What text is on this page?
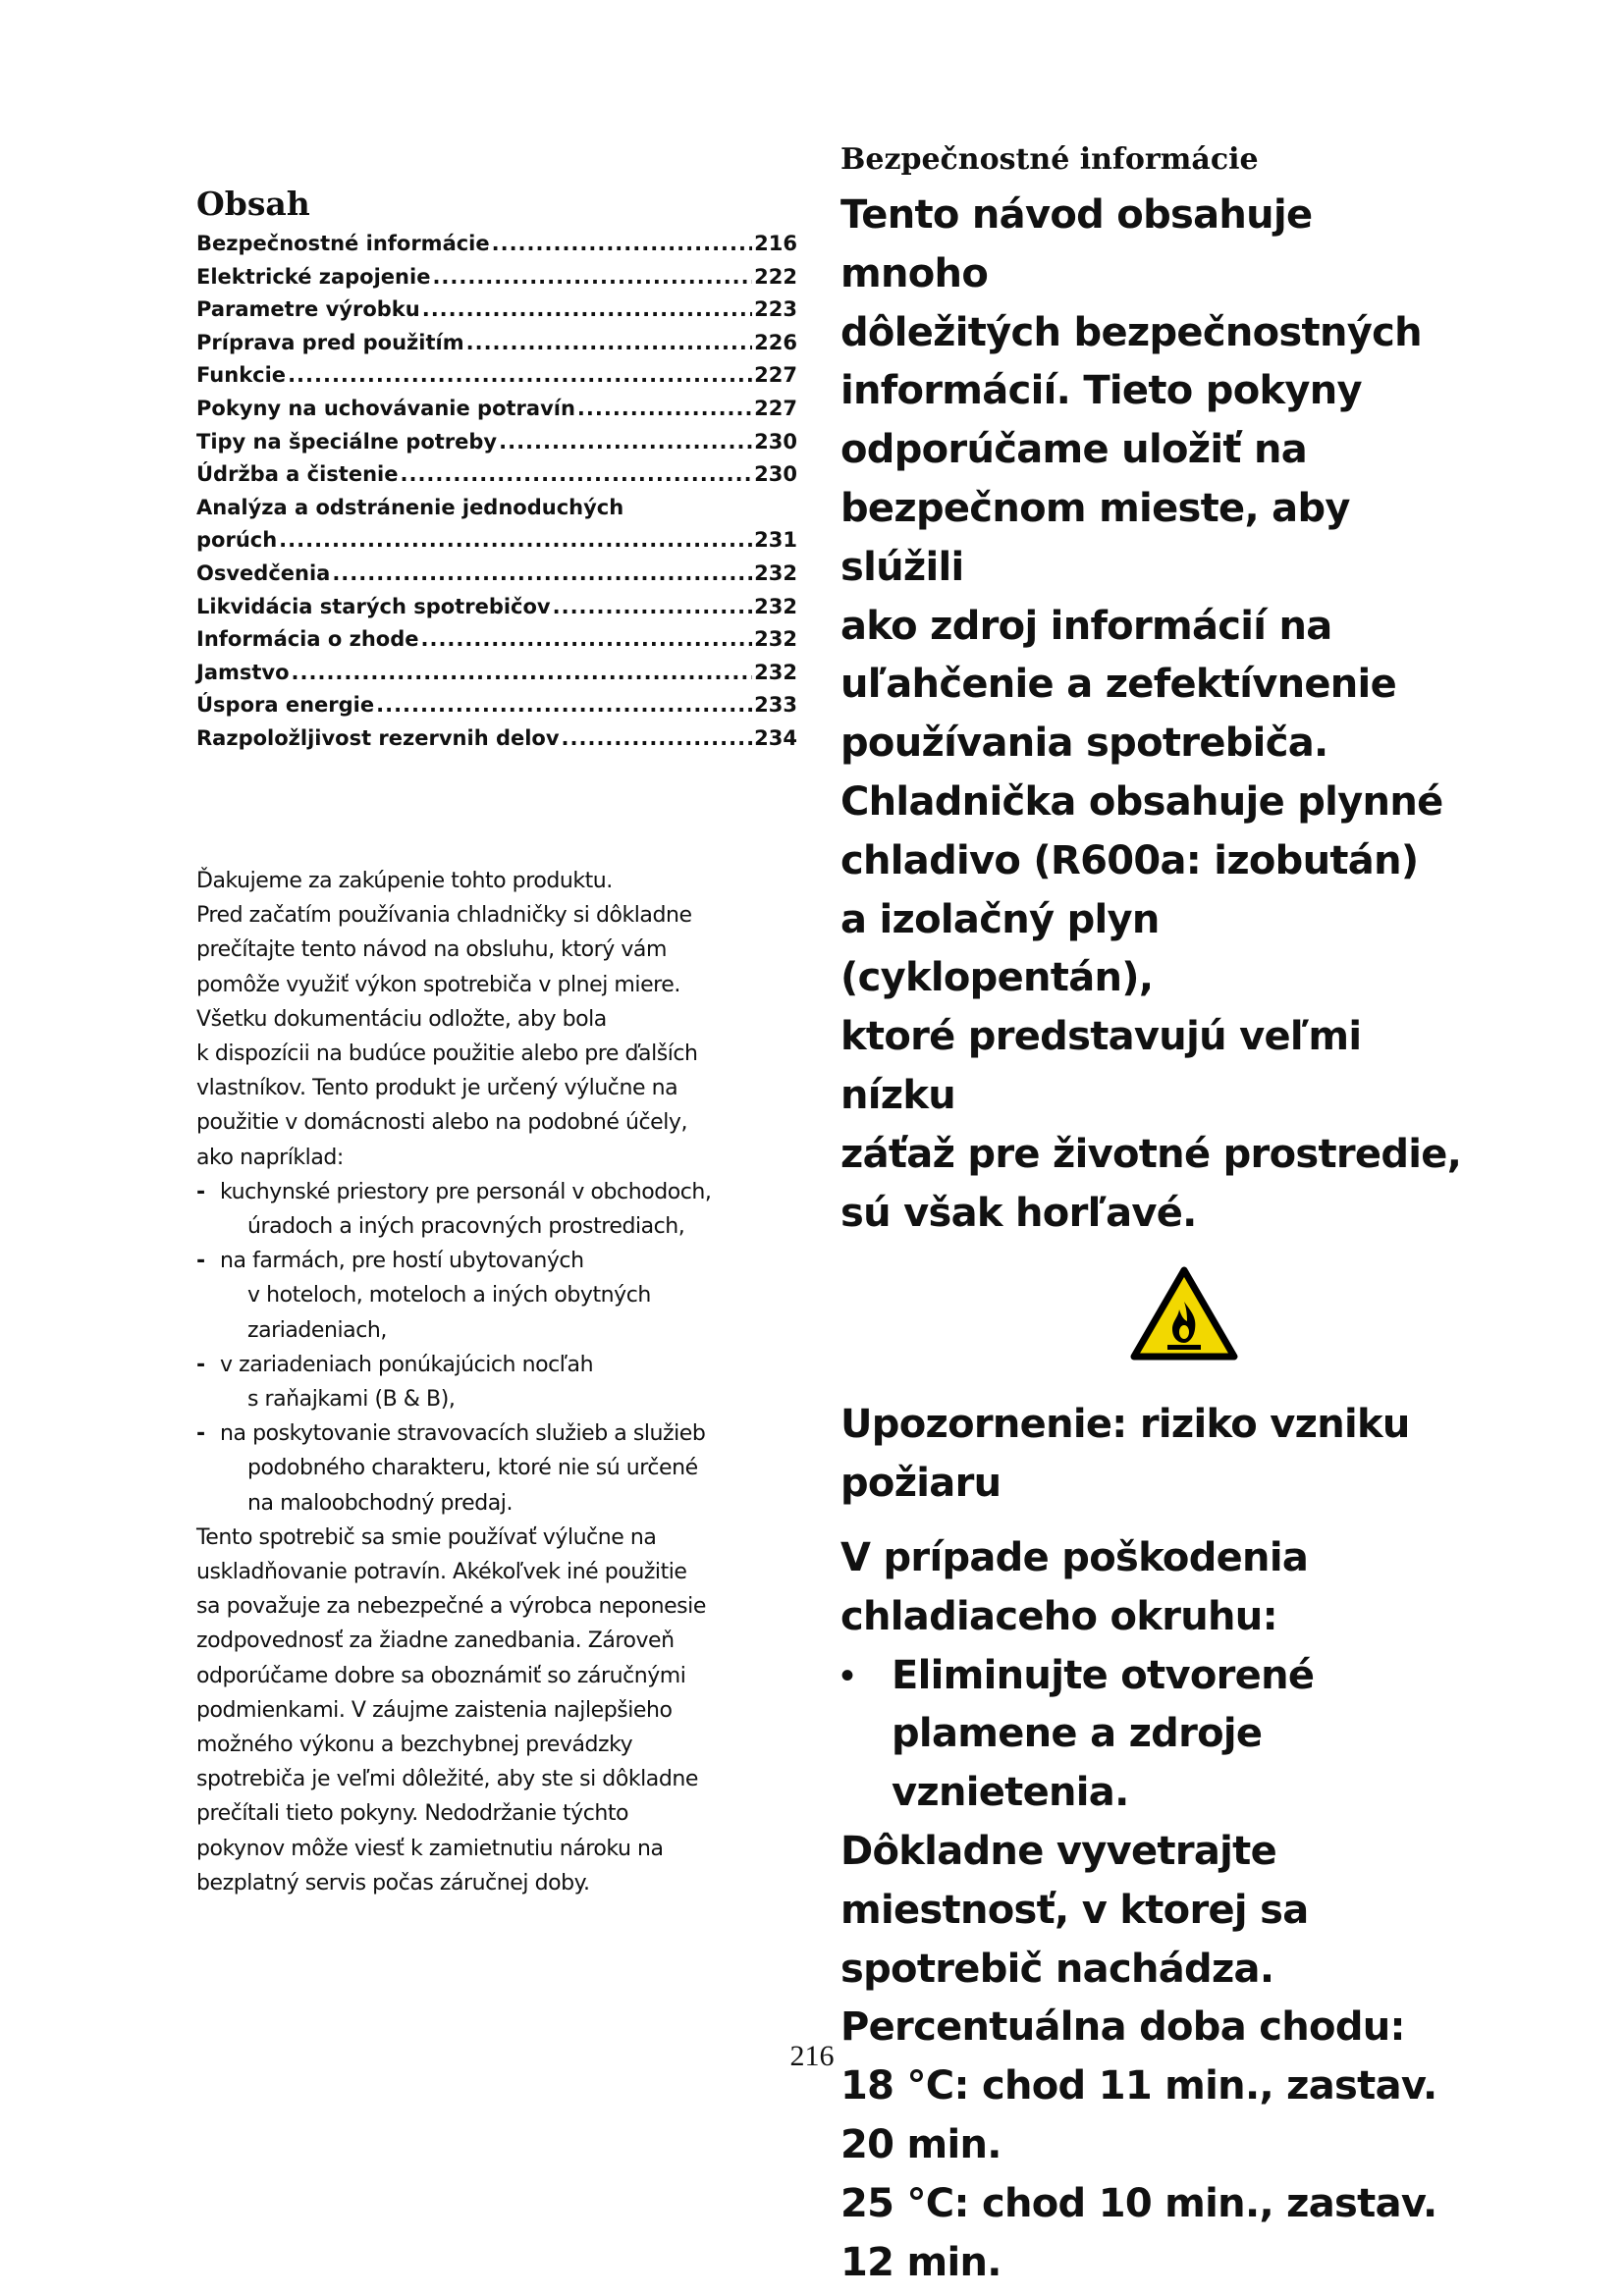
Obsah
Bezpečnostné informácie .....	216
Elektrické zapojenie .....	222
Parametre výrobku .....	223
Príprava pred použitím .....	226
Funkcie .....	227
Pokyny na uchovávanie potravín .....	227
Tipy na špeciálne potreby .....	230
Údržba a čistenie .....	230
Analýza a odstránenie jednoduchých
porúch .....	231
Osvedčenia .....	232
Likvidácia starých spotrebičov .....	232
Informácia o zhode .....	232
Jamstvo .....	232
Úspora energie .....	233
Razpoložljivost rezervnih delov .....	234

Ďakujeme za zakúpenie tohto produktu.
Pred začatím používania chladničky si dôkladne
prečítajte tento návod na obsluhu, ktorý vám
pomôže využiť výkon spotrebiča v plnej miere.
Všetku dokumentáciu odložte, aby bola
k dispozícii na budúce použitie alebo pre ďalších
vlastníkov. Tento produkt je určený výlučne na
použitie v domácnosti alebo na podobné účely,
ako napríklad:

- kuchynské priestory pre personál v obchodoch,
úradoch a iných pracovných prostrediach,
- na farmách, pre hostí ubytovaných
v hoteloch, moteloch a iných obytných
zariadeniach,
- v zariadeniach ponúkajúcich nocľah
s raňajkami (B & B),
- na poskytovanie stravovacích služieb a služieb
podobného charakteru, ktoré nie sú určené
na maloobchodný predaj.

Tento spotrebič sa smie používať výlučne na
uskladňovanie potravín. Akékoľvek iné použitie
sa považuje za nebezpečné a výrobca neponesie
zodpovednosť za žiadne zanedbania. Zároveň
odporúčame dobre sa oboznámiť so záručnými
podmienkami. V záujme zaistenia najlepšieho
možného výkonu a bezchybnej prevádzky
spotrebiča je veľmi dôležité, aby ste si dôkladne
prečítali tieto pokyny. Nedodržanie týchto
pokynov môže viesť k zamietnutiu nároku na
bezplatný servis počas záručnej doby.

Bezpečnostné informácie

Tento návod obsahuje mnoho
dôležitých bezpečnostných
informácií. Tieto pokyny
odporúčame uložiť na
bezpečnom mieste, aby slúžili
ako zdroj informácií na
uľahčenie a zefektívnenie
používania spotrebiča.
Chladnička obsahuje plynné
chladivo (R600a: izobután)
a izolačný plyn (cyklopentán),
ktoré predstavujú veľmi nízku
záťaž pre životné prostredie,
sú však horľavé.

Upozornenie: riziko vzniku
požiaru

V prípade poškodenia
chladiaceho okruhu:

• Eliminujte otvorené
plamene a zdroje
vznietenia.

Dôkladne vyvetrajte
miestnosť, v ktorej sa
spotrebič nachádza.
Percentuálna doba chodu:
18 °C: chod 11 min., zastav.
20 min.
25 °C: chod 10 min., zastav.
12 min.

216
